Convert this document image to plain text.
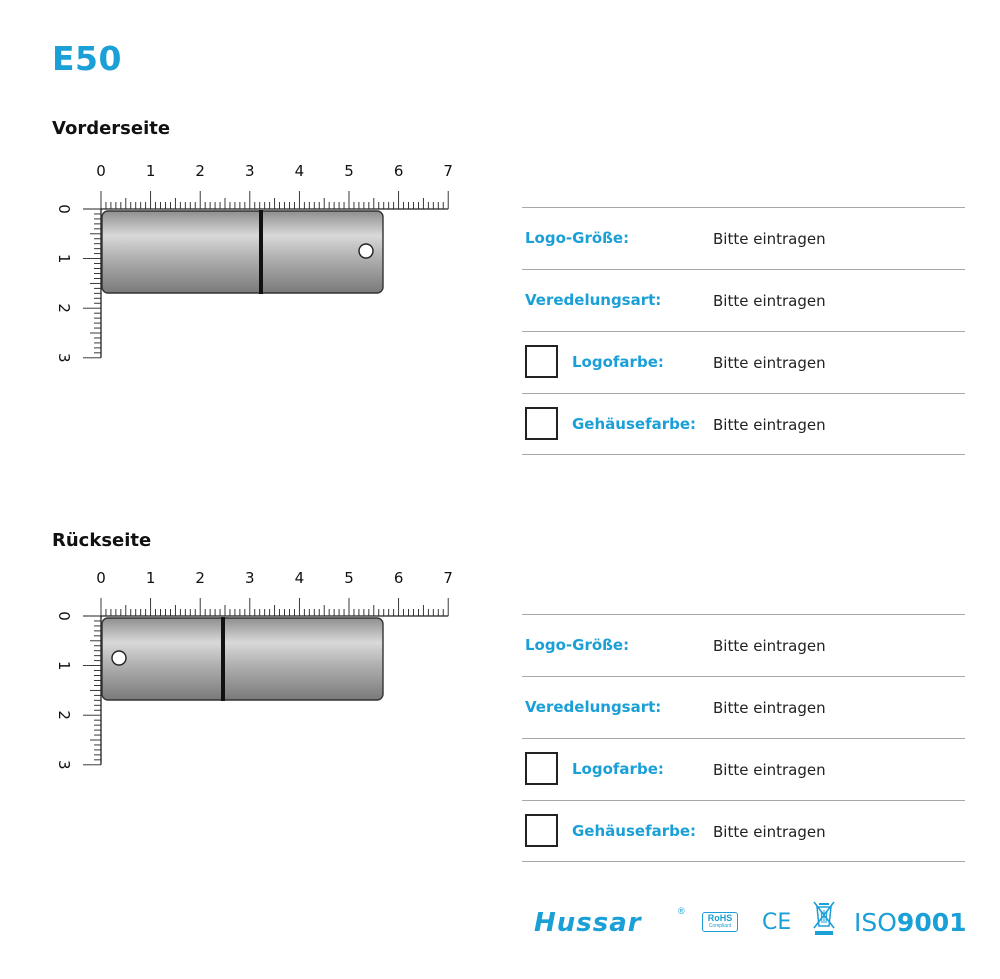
E50
Vorderseite
0	1	2	3	4	5	6	7
0
1
2
3
Logo-Größe:	Bitte eintragen
Veredelungsart:	Bitte eintragen
Logofarbe:	Bitte eintragen
Gehäusefarbe: Bitte eintragen
Rückseite
0	1	2	3	4	5	6	7
0
1
2
3
Logo-Größe:	Bitte eintragen
Veredelungsart:	Bitte eintragen
Logofarbe:	Bitte eintragen
Gehäusefarbe: Bitte eintragen
Hussar	®
RoHS
Compliant CE	ISO9001
